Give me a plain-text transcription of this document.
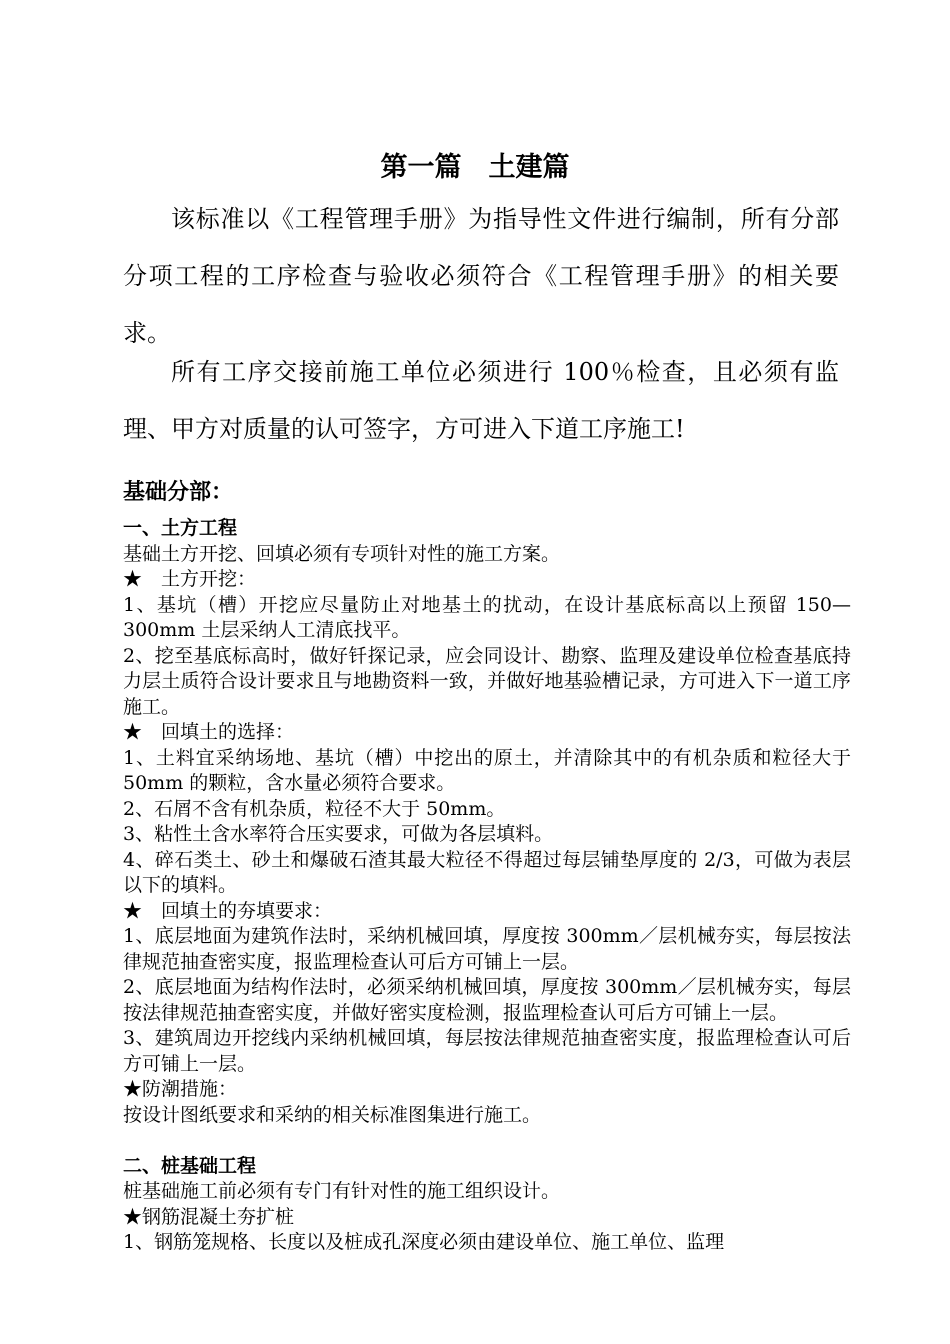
第一篇　土建篇

该标准以《工程管理手册》为指导性文件进行编制，所有分部分项工程的工序检查与验收必须符合《工程管理手册》的相关要求。

所有工序交接前施工单位必须进行 100％检查，且必须有监理、甲方对质量的认可签字，方可进入下道工序施工!

基础分部：
一、土方工程

基础土方开挖、回填必须有专项针对性的施工方案。

★　土方开挖：

1、基坑（槽）开挖应尽量防止对地基土的扰动，在设计基底标高以上预留 150—300mm 土层采纳人工清底找平。

2、挖至基底标高时，做好钎探记录，应会同设计、勘察、监理及建设单位检查基底持力层土质符合设计要求且与地勘资料一致，并做好地基验槽记录，方可进入下一道工序施工。

★　回填土的选择：

1、土料宜采纳场地、基坑（槽）中挖出的原土，并清除其中的有机杂质和粒径大于 50mm 的颗粒，含水量必须符合要求。

2、石屑不含有机杂质，粒径不大于 50mm。

3、粘性土含水率符合压实要求，可做为各层填料。

4、碎石类土、砂土和爆破石渣其最大粒径不得超过每层铺垫厚度的 2/3，可做为表层以下的填料。

★　回填土的夯填要求：

1、底层地面为建筑作法时，采纳机械回填，厚度按 300mm／层机械夯实，每层按法律规范抽查密实度，报监理检查认可后方可铺上一层。

2、底层地面为结构作法时，必须采纳机械回填，厚度按 300mm／层机械夯实，每层按法律规范抽查密实度，并做好密实度检测，报监理检查认可后方可铺上一层。

3、建筑周边开挖线内采纳机械回填，每层按法律规范抽查密实度，报监理检查认可后方可铺上一层。

★防潮措施：

按设计图纸要求和采纳的相关标准图集进行施工。

二、桩基础工程

桩基础施工前必须有专门有针对性的施工组织设计。

★钢筋混凝土夯扩桩

1、钢筋笼规格、长度以及桩成孔深度必须由建设单位、施工单位、监理
